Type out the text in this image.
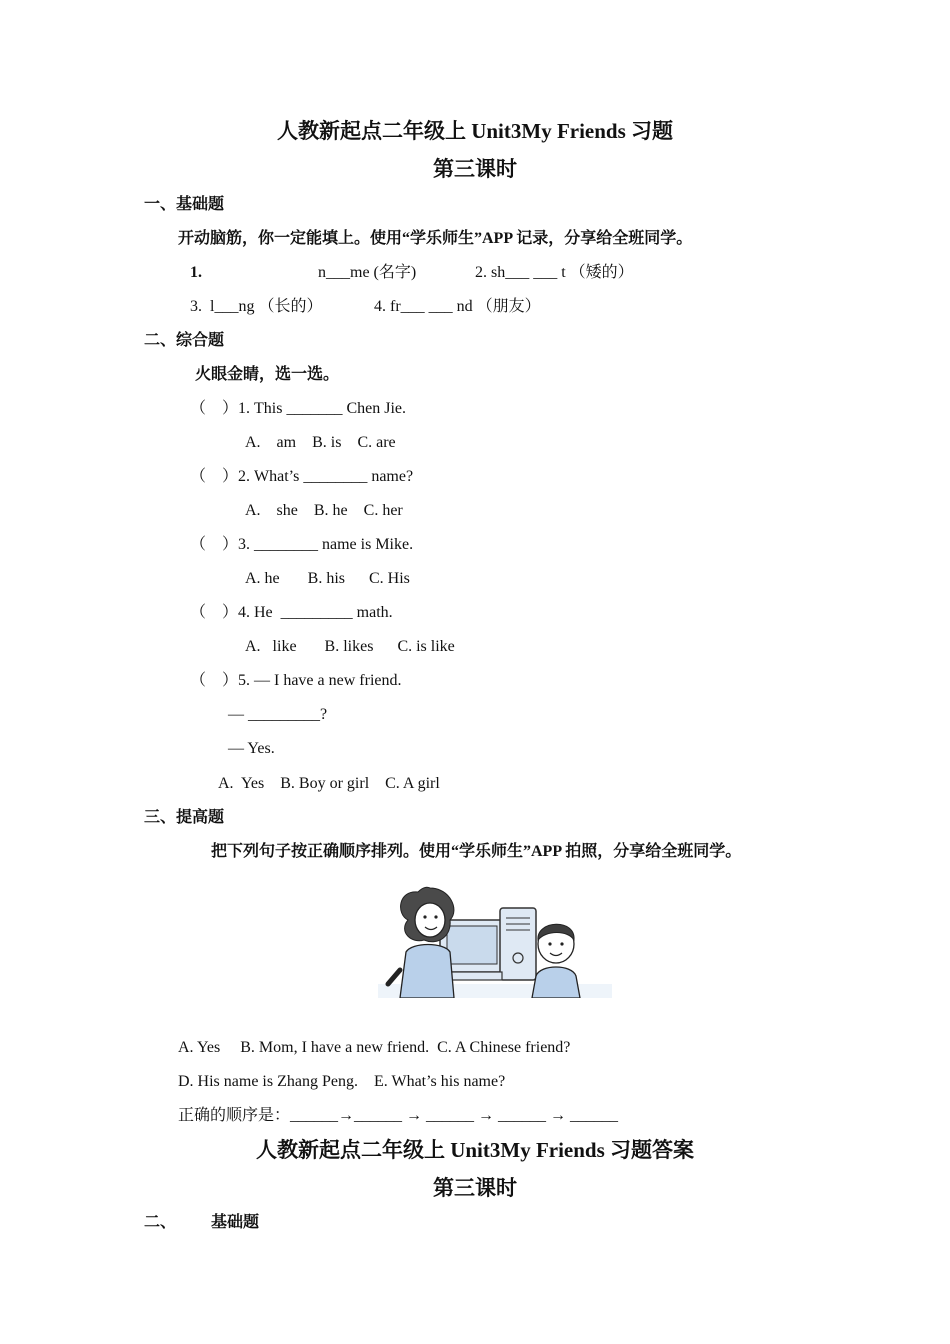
人教新起点二年级上 Unit3My Friends 习题
第三课时
一、基础题
开动脑筋，你一定能填上。使用“学乐师生”APP 记录，分享给全班同学。
1.	n___me (名字)	2. sh___ ___ t （矮的）
3.  l___ng （长的）	4. fr___ ___ nd （朋友）
二、综合题
火眼金睛，选一选。
（    ）1. This _______ Chen Jie.
A.    am    B. is    C. are
（    ）2. What’s ________ name?
A.    she    B. he    C. her
（    ）3. ________ name is Mike.
A. he       B. his      C. His
（    ）4. He  _________ math.
A.   like       B. likes      C. is like
（    ）5. — I have a new friend.
— _________?
— Yes.
A.  Yes    B. Boy or girl    C. A girl
三、提高题
把下列句子按正确顺序排列。使用“学乐师生”APP 拍照，分享给全班同学。
A. Yes     B. Mom, I have a new friend.  C. A Chinese friend?
D. His name is Zhang Peng.    E. What’s his name?
正确的顺序是：______→______ → ______ → ______ → ______
人教新起点二年级上 Unit3My Friends 习题答案
第三课时
二、 基础题
